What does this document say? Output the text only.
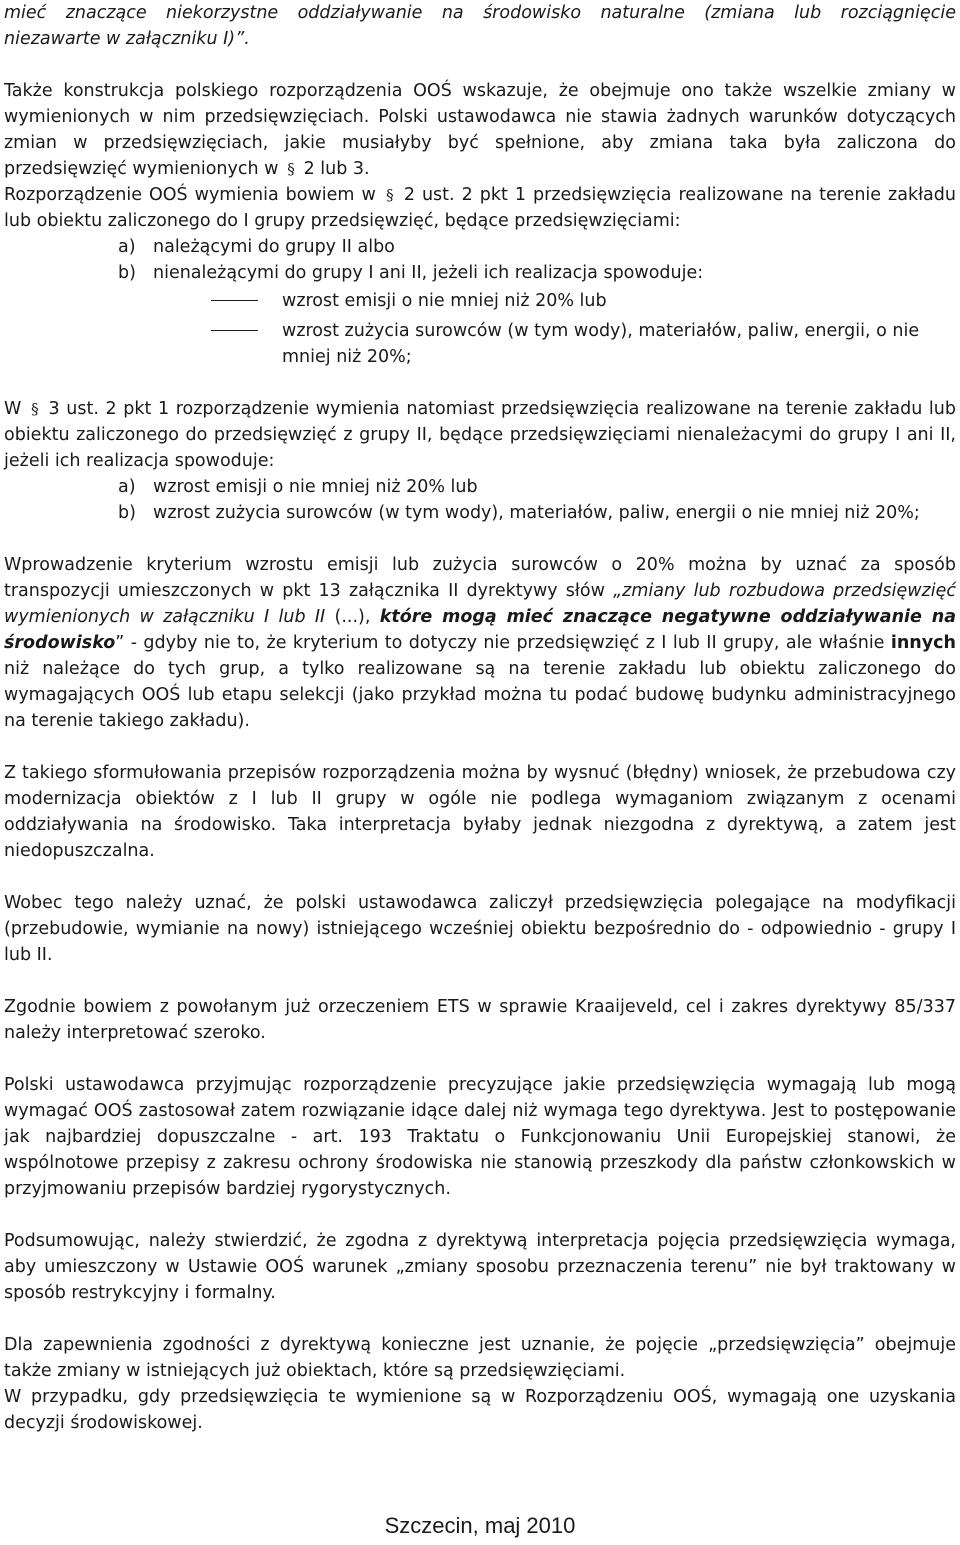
mieć znaczące niekorzystne oddziaływanie na środowisko naturalne (zmiana lub rozciągnięcie

niezawarte w załączniku I)”.

Także konstrukcja polskiego rozporządzenia OOŚ wskazuje, że obejmuje ono także wszelkie zmiany w wymienionych w nim przedsięwzięciach. Polski ustawodawca nie stawia żadnych warunków dotyczących zmian w przedsięwzięciach, jakie musiałyby być spełnione, aby zmiana taka była zaliczona do przedsięwzięć wymienionych w § 2 lub 3.

Rozporządzenie OOŚ wymienia bowiem w § 2 ust. 2 pkt 1 przedsięwzięcia realizowane na terenie zakładu lub obiektu zaliczonego do I grupy przedsięwzięć, będące przedsięwzięciami:

a) należącymi do grupy II albo
b) nienależącymi do grupy I ani II, jeżeli ich realizacja spowoduje:
wzrost emisji o nie mniej niż 20% lub
wzrost zużycia surowców (w tym wody), materiałów, paliw, energii, o nie mniej niż 20%;

W § 3 ust. 2 pkt 1 rozporządzenie wymienia natomiast przedsięwzięcia realizowane na terenie zakładu lub obiektu zaliczonego do przedsięwzięć z grupy II, będące przedsięwzięciami nienależacymi do grupy I ani II, jeżeli ich realizacja spowoduje:

a) wzrost emisji o nie mniej niż 20% lub
b) wzrost zużycia surowców (w tym wody), materiałów, paliw, energii o nie mniej niż 20%;

Wprowadzenie kryterium wzrostu emisji lub zużycia surowców o 20% można by uznać za sposób transpozycji umieszczonych w pkt 13 załącznika II dyrektywy słów „zmiany lub rozbudowa przedsięwzięć wymienionych w załączniku I lub II (...), które mogą mieć znaczące negatywne oddziaływanie na środowisko” - gdyby nie to, że kryterium to dotyczy nie przedsięwzięć z I lub II grupy, ale właśnie innych niż należące do tych grup, a tylko realizowane są na terenie zakładu lub obiektu zaliczonego do wymagających OOŚ lub etapu selekcji (jako przykład można tu podać budowę budynku administracyjnego na terenie takiego zakładu).

Z takiego sformułowania przepisów rozporządzenia można by wysnuć (błędny) wniosek, że przebudowa czy modernizacja obiektów z I lub II grupy w ogóle nie podlega wymaganiom związanym z ocenami oddziaływania na środowisko. Taka interpretacja byłaby jednak niezgodna z dyrektywą, a zatem jest niedopuszczalna.

Wobec tego należy uznać, że polski ustawodawca zaliczył przedsięwzięcia polegające na modyfikacji (przebudowie, wymianie na nowy) istniejącego wcześniej obiektu bezpośrednio do - odpowiednio - grupy I lub II.

Zgodnie bowiem z powołanym już orzeczeniem ETS w sprawie Kraaijeveld, cel i zakres dyrektywy 85/337 należy interpretować szeroko.

Polski ustawodawca przyjmując rozporządzenie precyzujące jakie przedsięwzięcia wymagają lub mogą wymagać OOŚ zastosował zatem rozwiązanie idące dalej niż wymaga tego dyrektywa. Jest to postępowanie jak najbardziej dopuszczalne - art. 193 Traktatu o Funkcjonowaniu Unii Europejskiej stanowi, że wspólnotowe przepisy z zakresu ochrony środowiska nie stanowią przeszkody dla państw członkowskich w przyjmowaniu przepisów bardziej rygorystycznych.

Podsumowując, należy stwierdzić, że zgodna z dyrektywą interpretacja pojęcia przedsięwzięcia wymaga, aby umieszczony w Ustawie OOŚ warunek „zmiany sposobu przeznaczenia terenu” nie był traktowany w sposób restrykcyjny i formalny.

Dla zapewnienia zgodności z dyrektywą konieczne jest uznanie, że pojęcie „przedsięwzięcia” obejmuje także zmiany w istniejących już obiektach, które są przedsięwzięciami.

W przypadku, gdy przedsięwzięcia te wymienione są w Rozporządzeniu OOŚ, wymagają one uzyskania decyzji środowiskowej.

Szczecin, maj 2010
